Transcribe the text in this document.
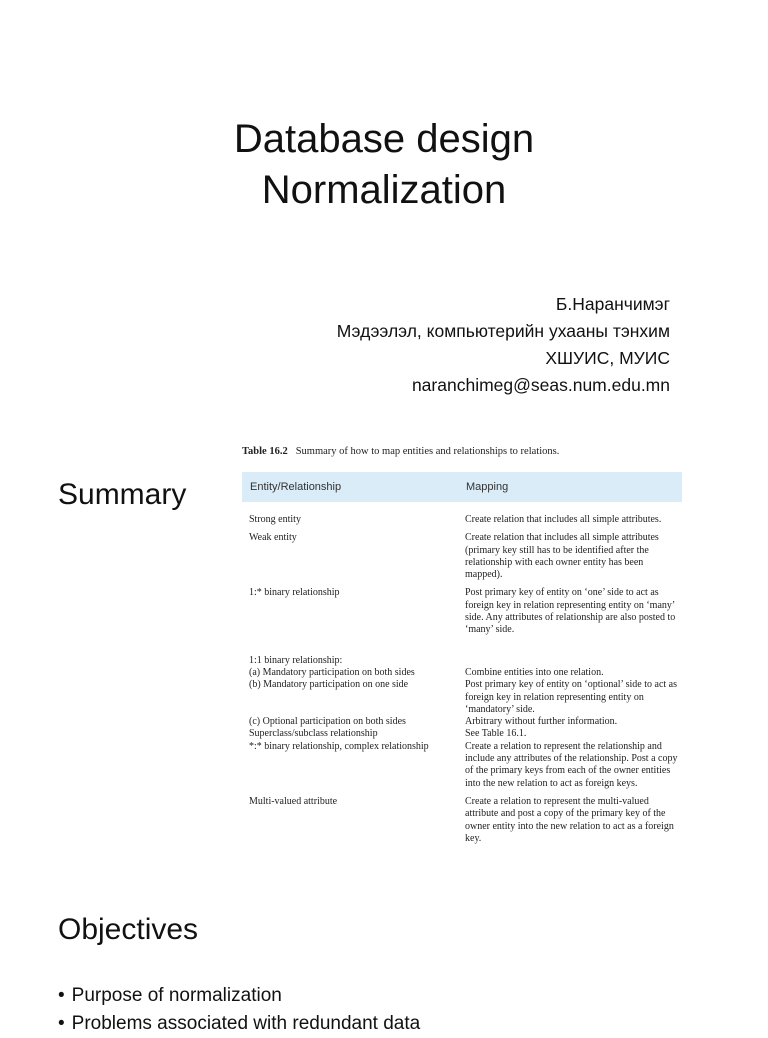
Database design
Normalization
Б.Наранчимэг
Мэдээлэл, компьютерийн ухааны тэнхим
ХШУИС, МУИС
naranchimeg@seas.num.edu.mn
Summary
Table 16.2 Summary of how to map entities and relationships to relations.
Entity/Relationship	Mapping

Strong entity	Create relation that includes all simple attributes.
Weak entity	Create relation that includes all simple attributes (primary key still has to be identified after the relationship with each owner entity has been mapped).
1:* binary relationship	Post primary key of entity on ‘one’ side to act as foreign key in relation representing entity on ‘many’ side. Any attributes of relationship are also posted to ‘many’ side.

1:1 binary relationship:	
(a) Mandatory participation on both sides	Combine entities into one relation.
(b) Mandatory participation on one side	Post primary key of entity on ‘optional’ side to act as foreign key in relation representing entity on ‘mandatory’ side.
(c) Optional participation on both sides	Arbitrary without further information.
Superclass/subclass relationship	See Table 16.1.
*:* binary relationship, complex relationship	Create a relation to represent the relationship and include any attributes of the relationship. Post a copy of the primary keys from each of the owner entities into the new relation to act as foreign keys.
Multi-valued attribute	Create a relation to represent the multi-valued attribute and post a copy of the primary key of the owner entity into the new relation to act as a foreign key.
Objectives
• Purpose of normalization
• Problems associated with redundant data
